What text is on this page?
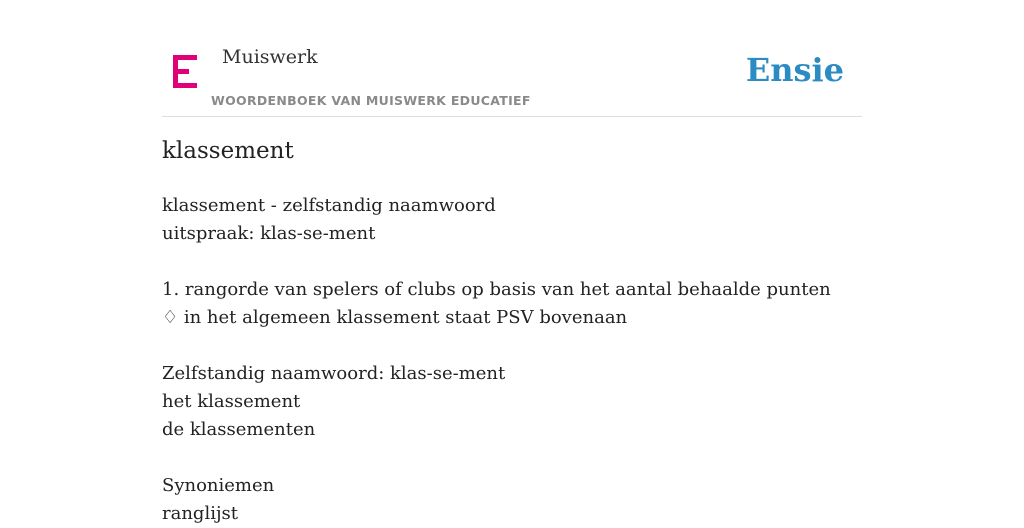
Muiswerk
WOORDENBOEK VAN MUISWERK EDUCATIEF
Ensie
klassement
klassement - zelfstandig naamwoord
uitspraak: klas-se-ment
1. rangorde van spelers of clubs op basis van het aantal behaalde punten
♢ in het algemeen klassement staat PSV bovenaan
Zelfstandig naamwoord: klas-se-ment
het klassement
de klassementen
Synoniemen
ranglijst
